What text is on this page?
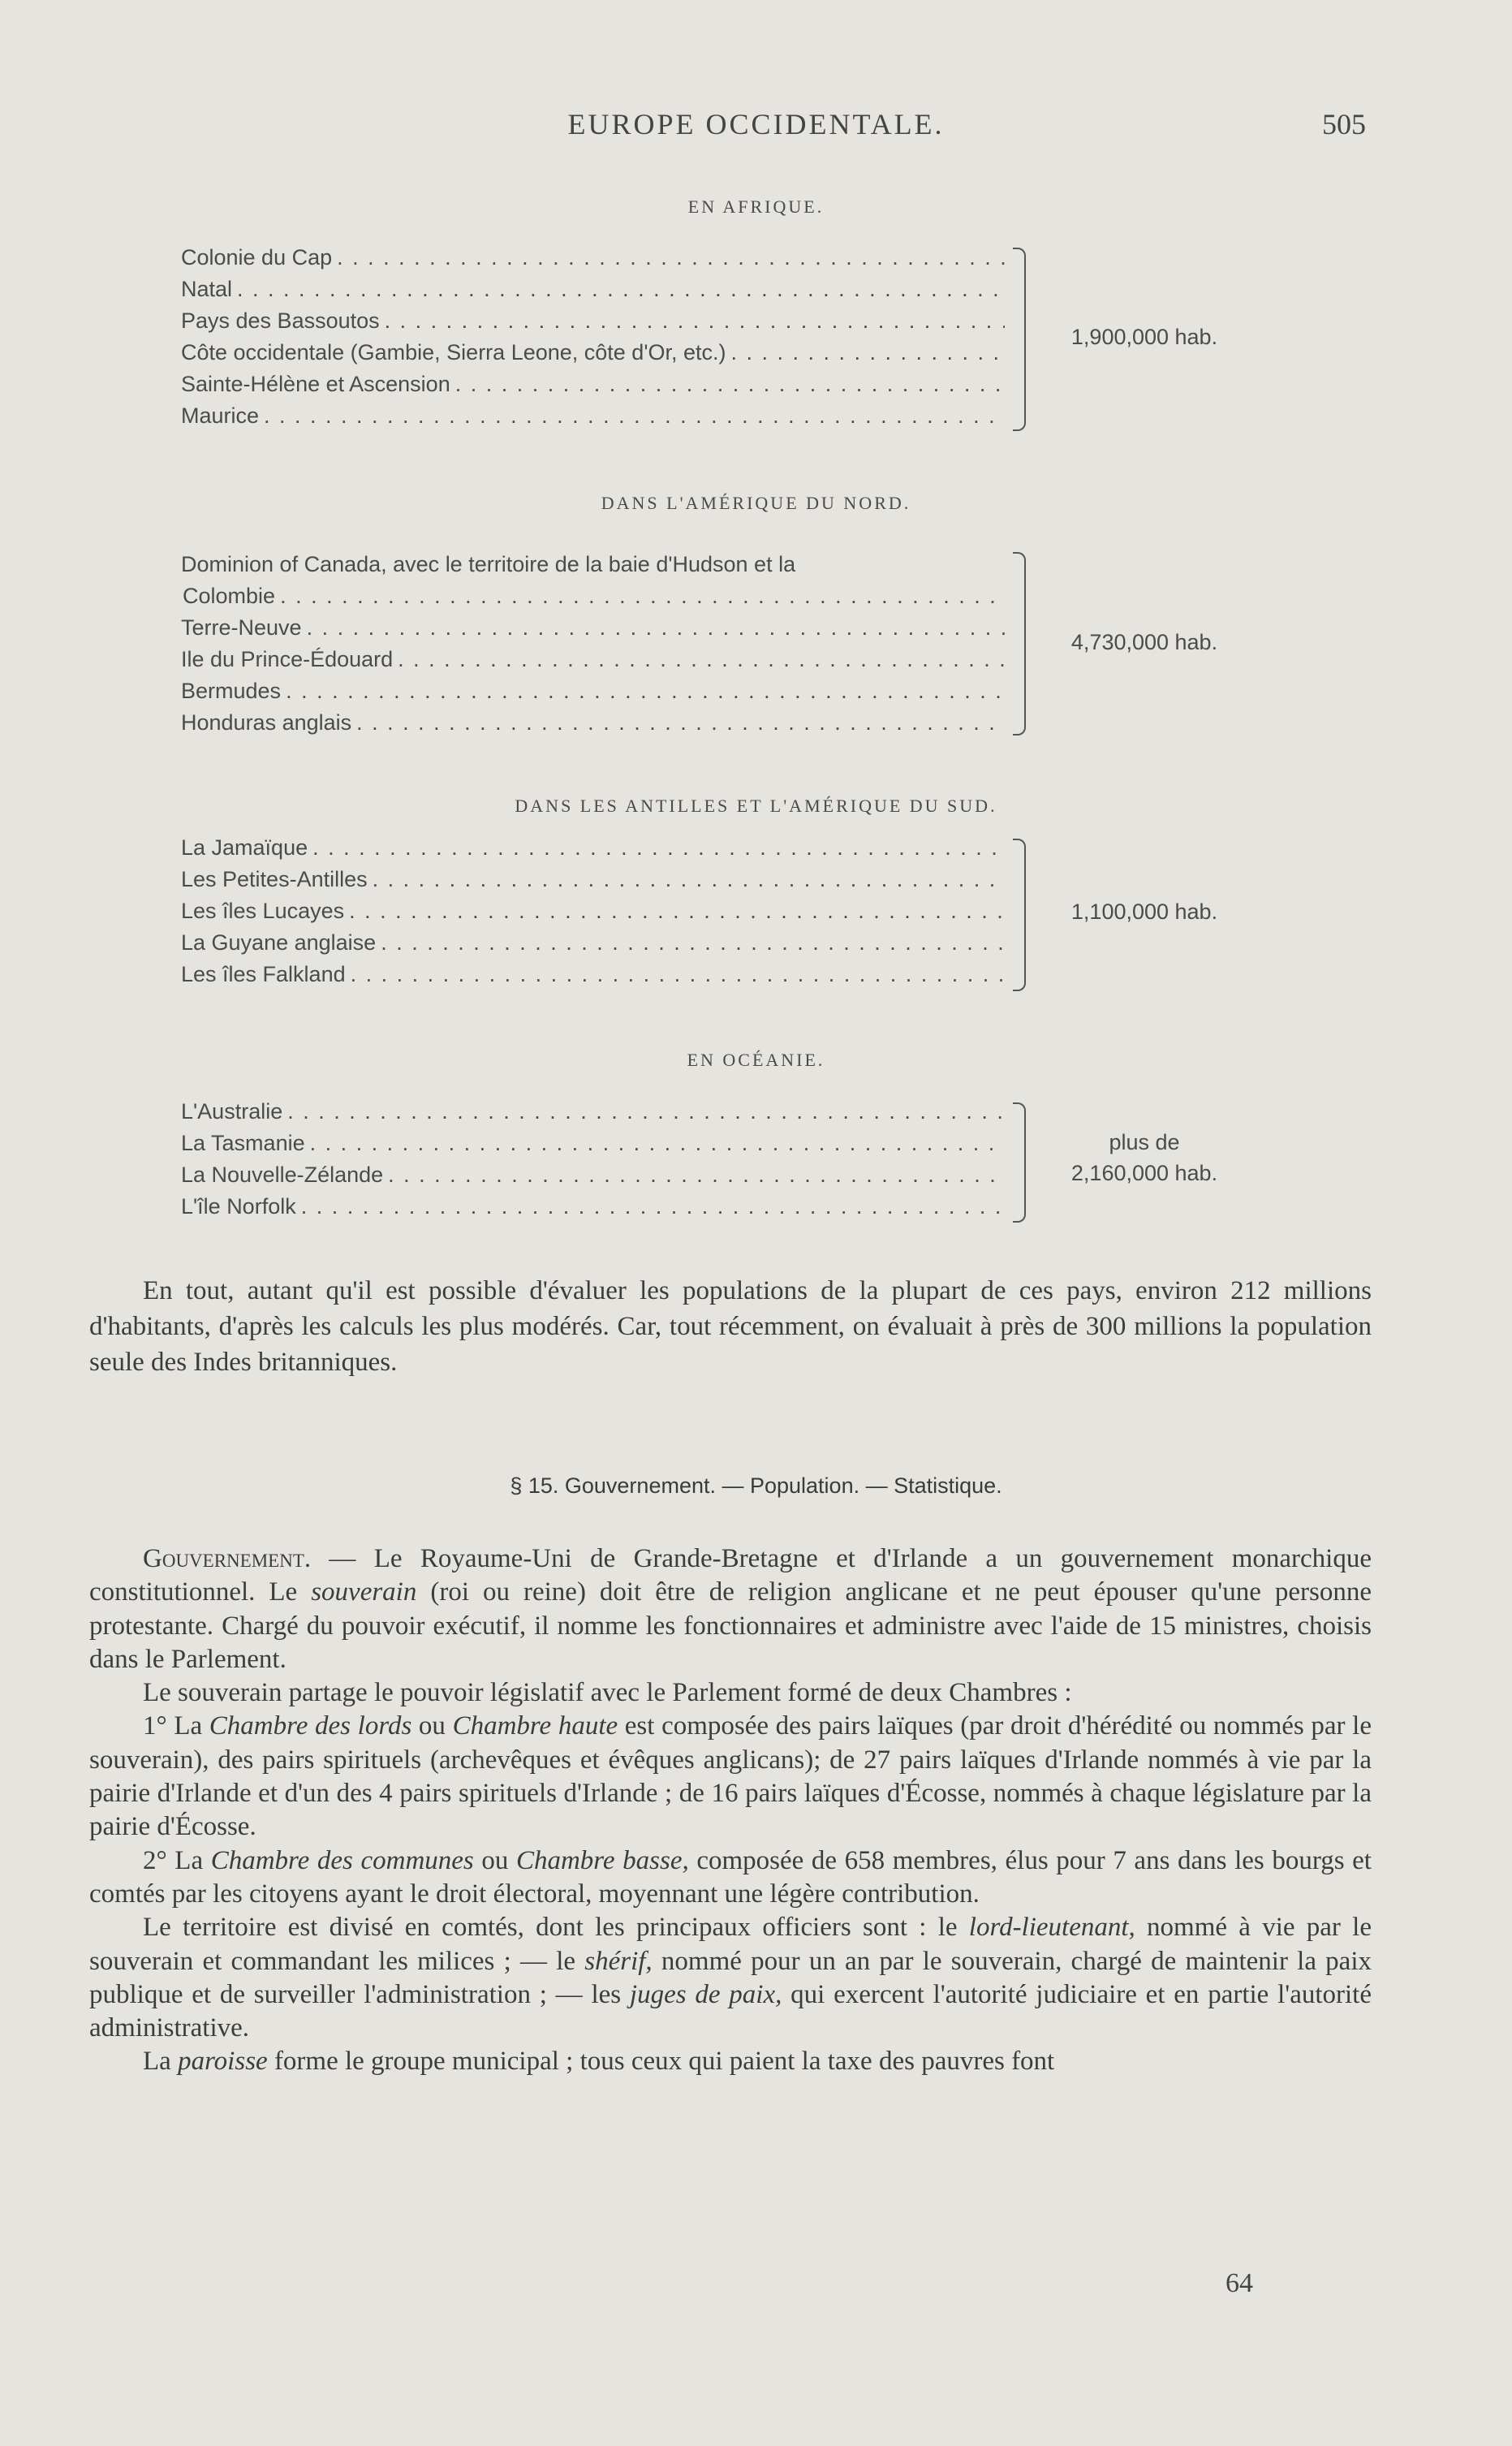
EUROPE OCCIDENTALE.	505
EN AFRIQUE.
Colonie du Cap
. . .
Natal
. . .
Pays des Bassoutos
. . .
Côte occidentale (Gambie, Sierra Leone, côte d'Or, etc.)
. . .
Sainte-Hélène et Ascension
. . .
Maurice
. . .
1,900,000 hab.
DANS L'AMÉRIQUE DU NORD.
Dominion of Canada, avec le territoire de la baie d'Hudson et la
Colombie
. . .
Terre-Neuve
. . .
Ile du Prince-Édouard
. . .
Bermudes
. . .
Honduras anglais
. . .
4,730,000 hab.
DANS LES ANTILLES ET L'AMÉRIQUE DU SUD.
La Jamaïque
. . .
Les Petites-Antilles
. . .
Les îles Lucayes
. . .
La Guyane anglaise
. . .
Les îles Falkland
. . .
1,100,000 hab.
EN OCÉANIE.
L'Australie
. . .
La Tasmanie
. . .
La Nouvelle-Zélande
. . .
L'île Norfolk
. . .
plus de
2,160,000 hab.

En tout, autant qu'il est possible d'évaluer les populations de la plupart de ces pays, environ 212 millions d'habitants, d'après les calculs les plus modérés. Car, tout récemment, on évaluait à près de 300 millions la population seule des Indes britanniques.

§ 15. Gouvernement. — Population. — Statistique.

Gouvernement. — Le Royaume-Uni de Grande-Bretagne et d'Irlande a un gouvernement monarchique constitutionnel. Le souverain (roi ou reine) doit être de religion anglicane et ne peut épouser qu'une personne protestante. Chargé du pouvoir exécutif, il nomme les fonctionnaires et administre avec l'aide de 15 ministres, choisis dans le Parlement.

Le souverain partage le pouvoir législatif avec le Parlement formé de deux Chambres :

1° La Chambre des lords ou Chambre haute est composée des pairs laïques (par droit d'hérédité ou nommés par le souverain), des pairs spirituels (archevêques et évêques anglicans); de 27 pairs laïques d'Irlande nommés à vie par la pairie d'Irlande et d'un des 4 pairs spirituels d'Irlande ; de 16 pairs laïques d'Écosse, nommés à chaque législature par la pairie d'Écosse.

2° La Chambre des communes ou Chambre basse, composée de 658 membres, élus pour 7 ans dans les bourgs et comtés par les citoyens ayant le droit électoral, moyennant une légère contribution.

Le territoire est divisé en comtés, dont les principaux officiers sont : le lord-lieutenant, nommé à vie par le souverain et commandant les milices ; — le shérif, nommé pour un an par le souverain, chargé de maintenir la paix publique et de surveiller l'administration ; — les juges de paix, qui exercent l'autorité judiciaire et en partie l'autorité administrative.

La paroisse forme le groupe municipal ; tous ceux qui paient la taxe des pauvres font

64
